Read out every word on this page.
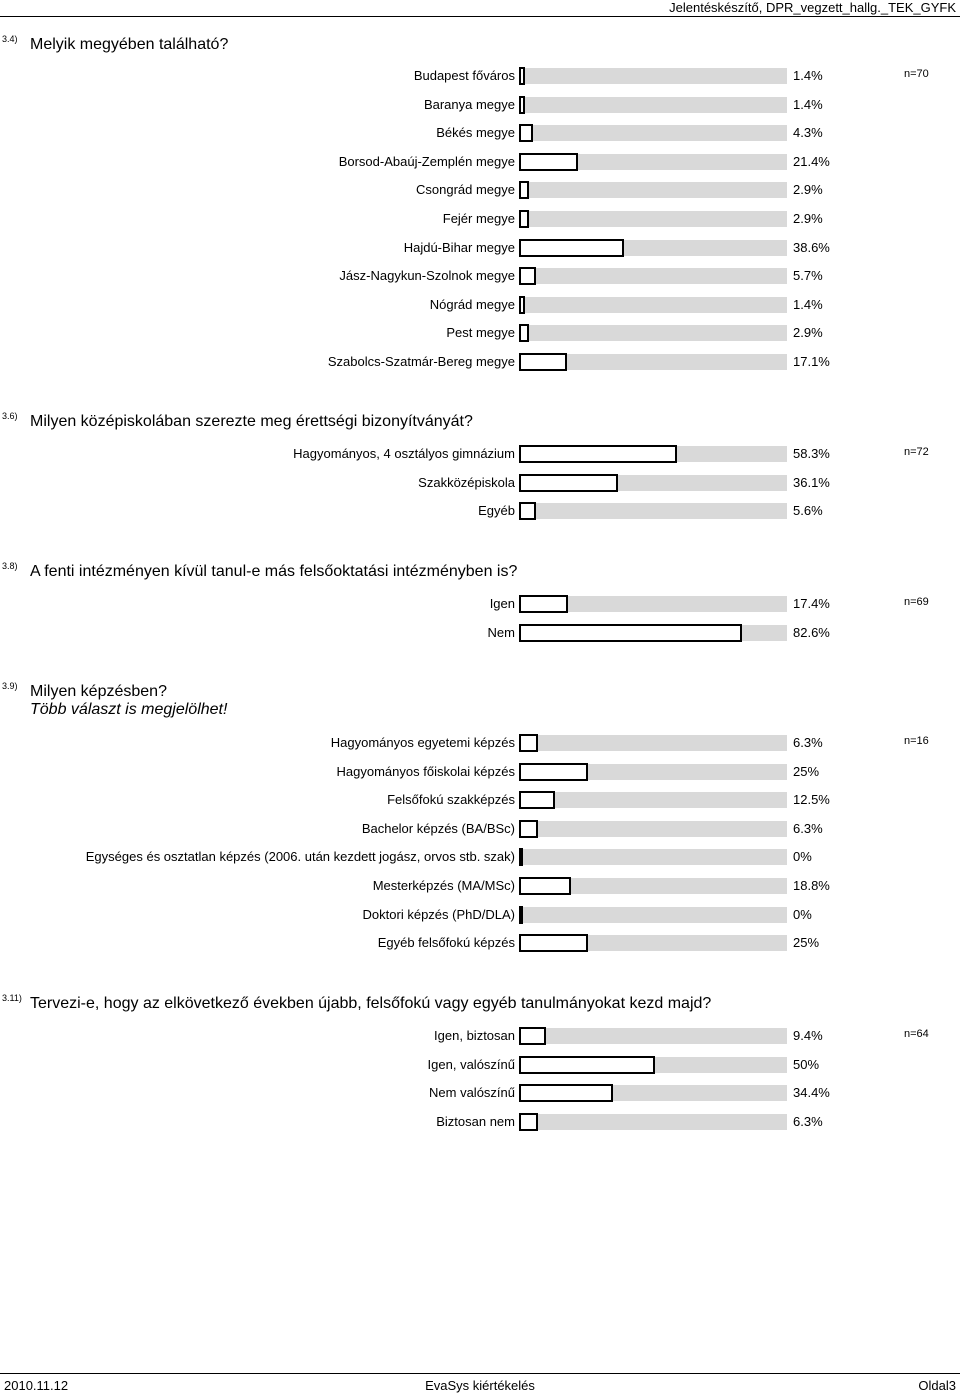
Jelentéskészítő, DPR_vegzett_hallg._TEK_GYFK
3.4) Melyik megyében található?
n=70
Budapest főváros	1.4%
Baranya megye	1.4%
Békés megye	4.3%
Borsod-Abaúj-Zemplén megye	21.4%
Csongrád megye	2.9%
Fejér megye	2.9%
Hajdú-Bihar megye	38.6%
Jász-Nagykun-Szolnok megye	5.7%
Nógrád megye	1.4%
Pest megye	2.9%
Szabolcs-Szatmár-Bereg megye	17.1%
3.6) Milyen középiskolában szerezte meg érettségi bizonyítványát?
n=72
Hagyományos, 4 osztályos gimnázium	58.3%
Szakközépiskola	36.1%
Egyéb	5.6%
3.8) A fenti intézményen kívül tanul-e más felsőoktatási intézményben is?
n=69
Igen	17.4%
Nem	82.6%
3.9) Milyen képzésben?
Több választ is megjelölhet!
n=16
Hagyományos egyetemi képzés	6.3%
Hagyományos főiskolai képzés	25%
Felsőfokú szakképzés	12.5%
Bachelor képzés (BA/BSc)	6.3%
Egységes és osztatlan képzés (2006. után kezdett jogász, orvos stb. szak)	0%
Mesterképzés (MA/MSc)	18.8%
Doktori képzés (PhD/DLA)	0%
Egyéb felsőfokú képzés	25%
3.11) Tervezi-e, hogy az elkövetkező években újabb, felsőfokú vagy egyéb tanulmányokat kezd majd?
n=64
Igen, biztosan	9.4%
Igen, valószínű	50%
Nem valószínű	34.4%
Biztosan nem	6.3%
2010.11.12	EvaSys kiértékelés	Oldal3
